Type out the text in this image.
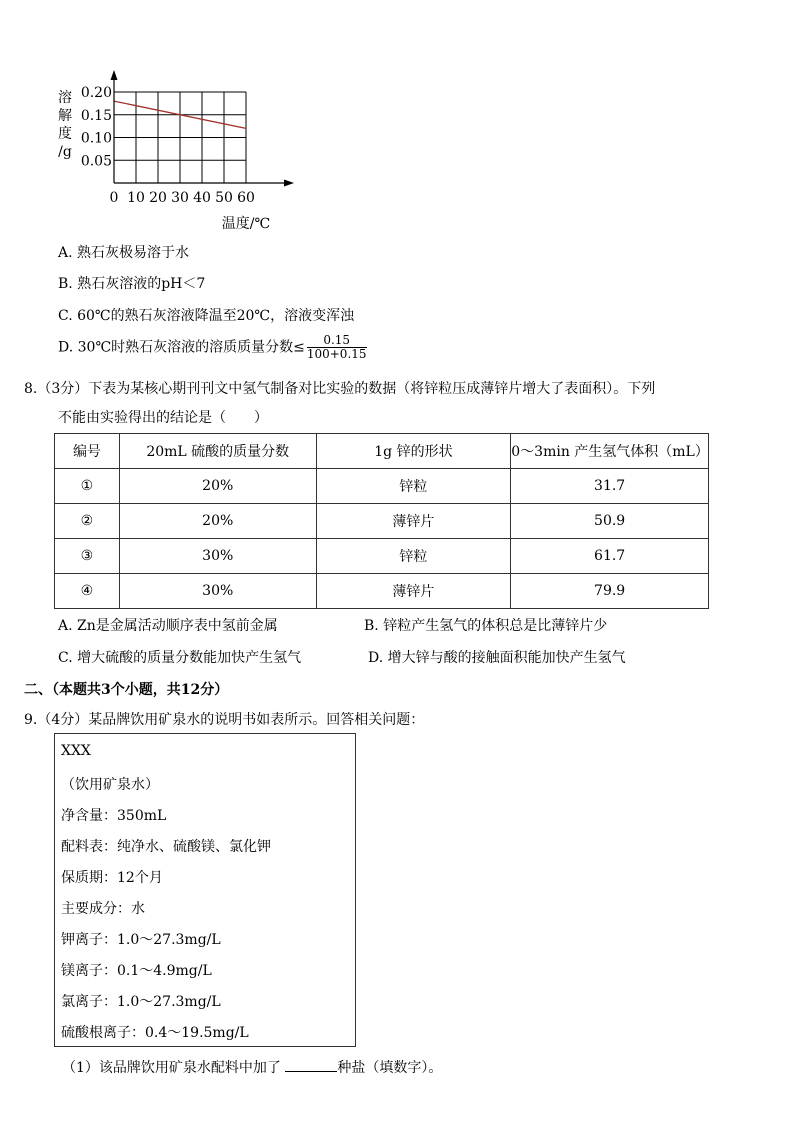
溶
解
度
/g
0.20
0.15
0.10
0.05
0 10 20 30 40 50 60
温度/℃
A. 熟石灰极易溶于水
B. 熟石灰溶液的pH＜7
C. 60℃的熟石灰溶液降温至20℃，溶液变浑浊
D. 30℃时熟石灰溶液的溶质质量分数≤ $\frac{0.15}{100+0.15}$
8.（3分）下表为某核心期刊刊文中氢气制备对比实验的数据（将锌粒压成薄锌片增大了表面积）。下列
不能由实验得出的结论是（　　）
编号	20mL 硫酸的质量分数	1g 锌的形状	0～3min 产生氢气体积（mL）
①	20%	锌粒	31.7
②	20%	薄锌片	50.9
③	30%	锌粒	61.7
④	30%	薄锌片	79.9
A. Zn是金属活动顺序表中氢前金属	B. 锌粒产生氢气的体积总是比薄锌片少
C. 增大硫酸的质量分数能加快产生氢气	D. 增大锌与酸的接触面积能加快产生氢气
二、（本题共3个小题，共12分）
9.（4分）某品牌饮用矿泉水的说明书如表所示。回答相关问题：
XXX
（饮用矿泉水）
净含量：350mL
配料表：纯净水、硫酸镁、氯化钾
保质期：12个月
主要成分：水
钾离子：1.0～27.3mg/L
镁离子：0.1～4.9mg/L
氯离子：1.0～27.3mg/L
硫酸根离子：0.4～19.5mg/L
（1）该品牌饮用矿泉水配料中加了	种盐（填数字）。
